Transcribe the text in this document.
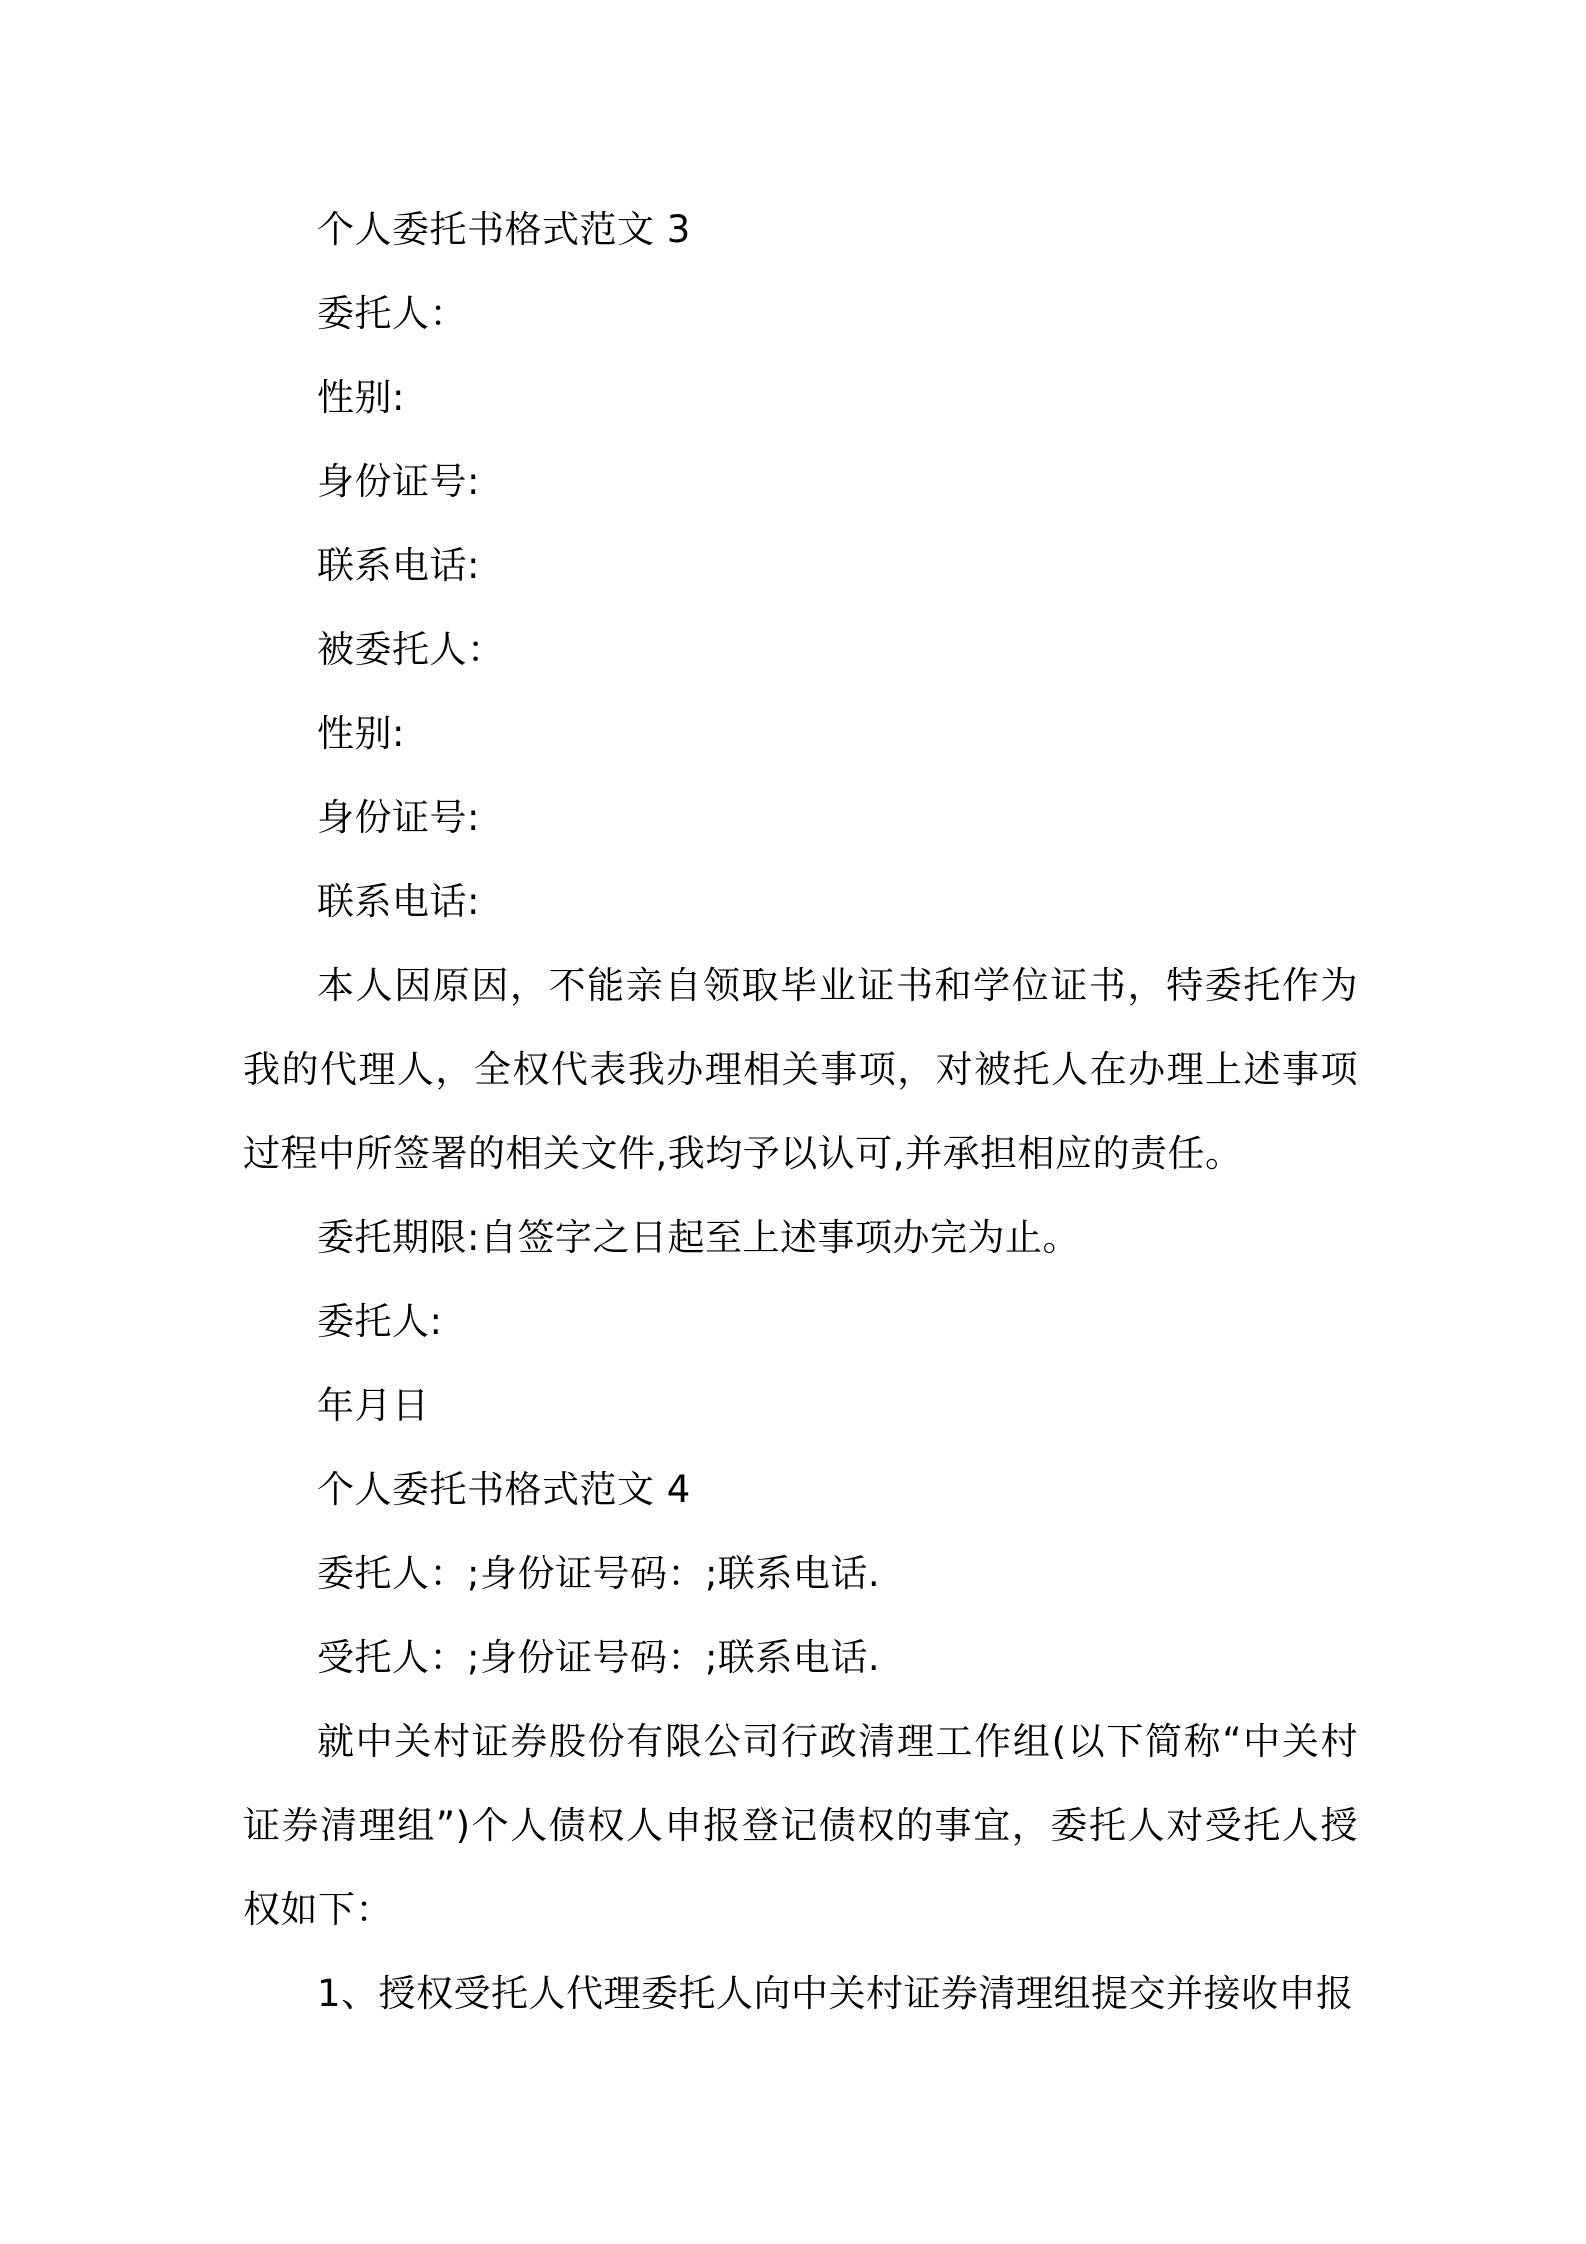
个人委托书格式范文 3

委托人：

性别:

身份证号:

联系电话:

被委托人：

性别:

身份证号:

联系电话:

本人因原因，不能亲自领取毕业证书和学位证书，特委托作为我的代理人，全权代表我办理相关事项，对被托人在办理上述事项过程中所签署的相关文件,我均予以认可,并承担相应的责任。

委托期限:自签字之日起至上述事项办完为止。

委托人:

年月日

个人委托书格式范文 4

委托人：;身份证号码：;联系电话.

受托人：;身份证号码：;联系电话.

就中关村证券股份有限公司行政清理工作组(以下简称“中关村证券清理组”)个人债权人申报登记债权的事宜，委托人对受托人授权如下：

1、授权受托人代理委托人向中关村证券清理组提交并接收申报
